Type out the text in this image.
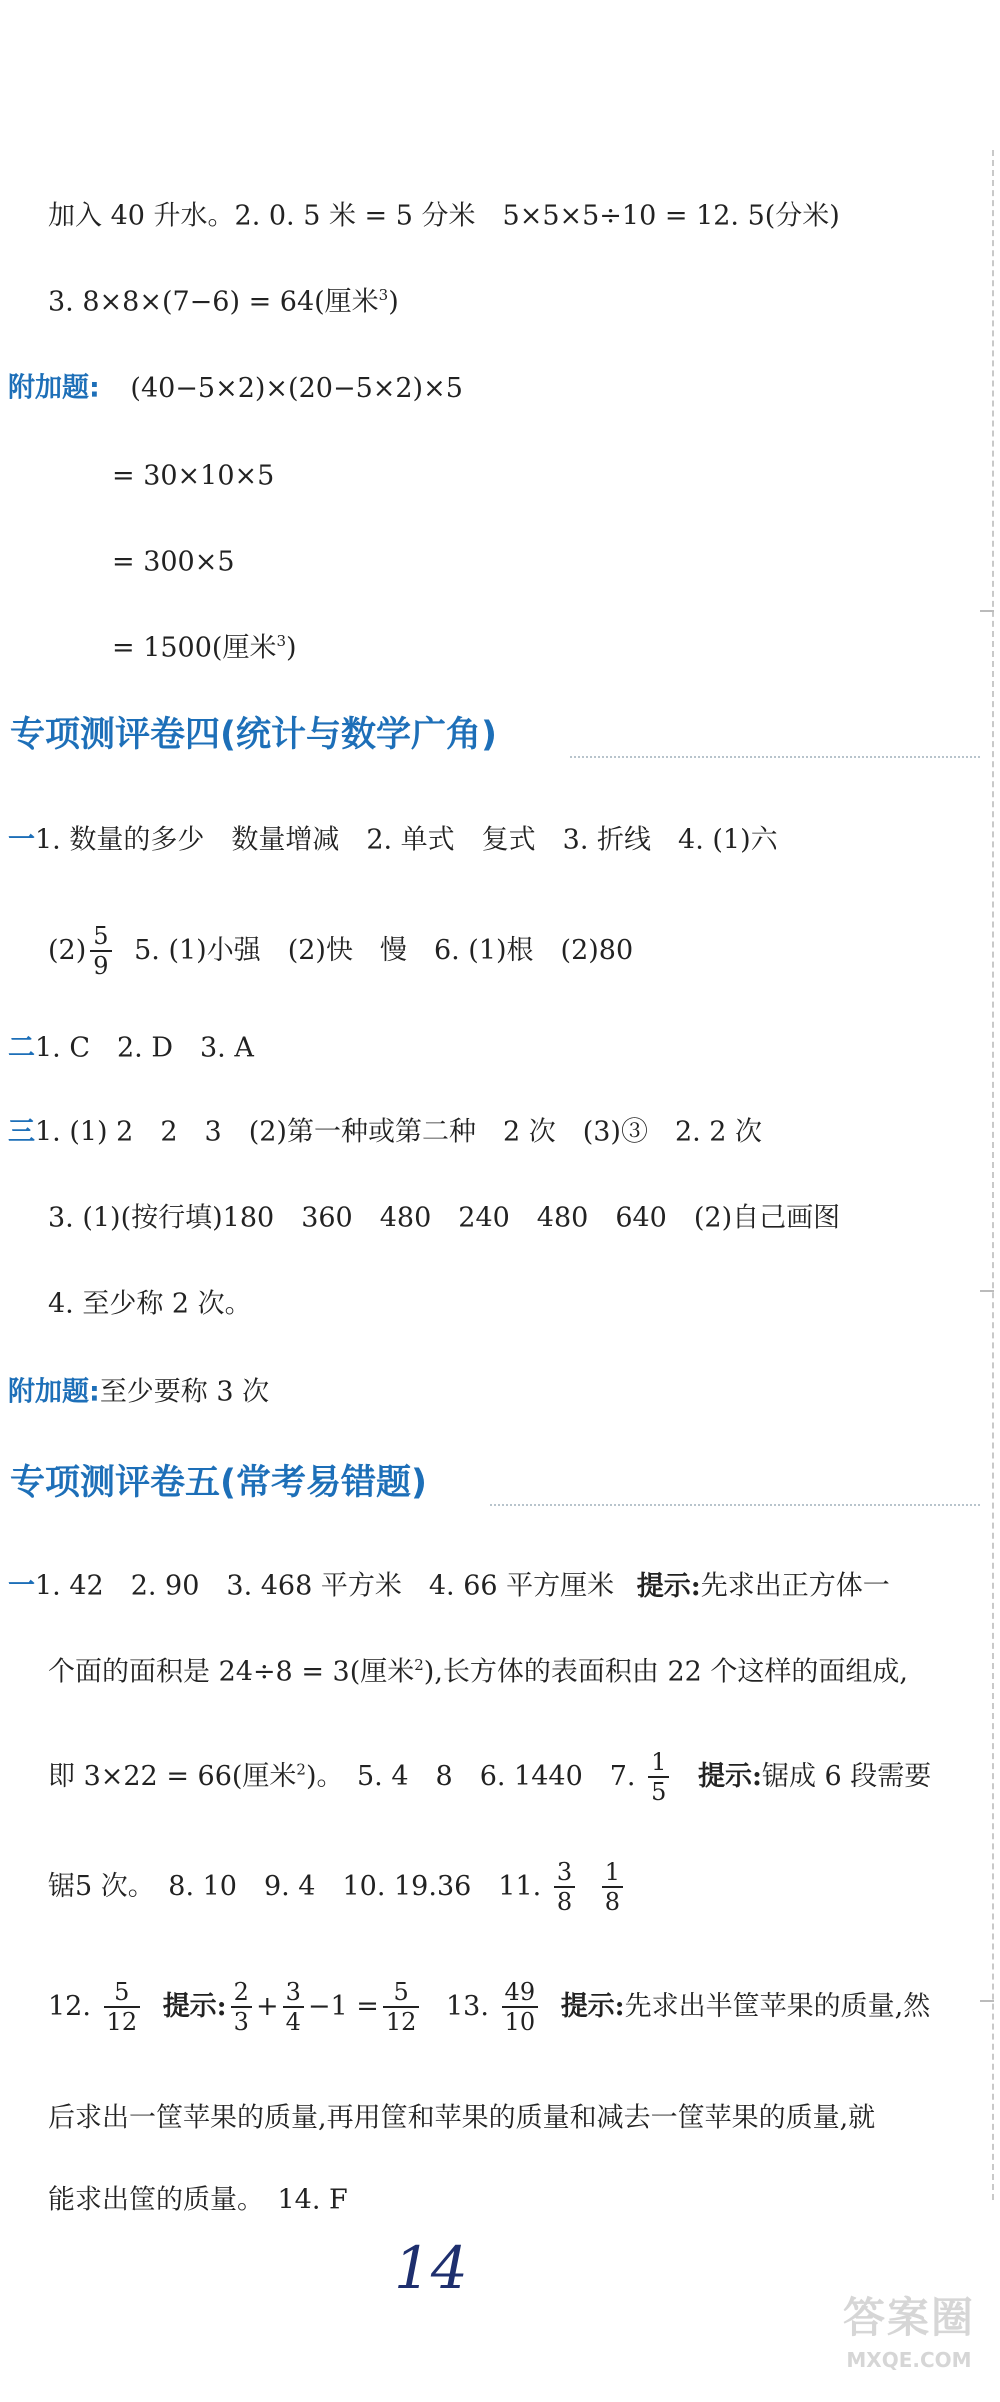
加入 40 升水。2. 0. 5 米 = 5 分米　5×5×5÷10 = 12. 5(分米)
3. 8×8×(7−6) = 64(厘米$^3$)
附加题: (40−5×2)×(20−5×2)×5
= 30×10×5
= 300×5
= 1500(厘米$^3$)
专项测评卷四(统计与数学广角)
一1. 数量的多少　数量增减　2. 单式　复式　3. 折线　4. (1)六
$(2) \frac{5}{9} 5$. (1)小强　(2)快　慢　6. (1)根　(2)80
二1. C　2. D　3. A
三1. (1) 2　2　3　(2)第一种或第二种　2 次　(3)③　2. 2 次
3. (1)(按行填)180　360　480　240　480　640　(2)自己画图
4. 至少称 2 次。
附加题:至少要称 3 次
专项测评卷五(常考易错题)
一1. 42　2. 90　3. 468 平方米　4. 66 平方厘米 提示:先求出正方体一
个面的面积是 24÷8 = 3(厘米$^2$),长方体的表面积由 22 个这样的面组成,
即 3×22 = 66(厘米$^2$)。　5. 4　8　6. 1440　7. $\frac{1}{5}$ 提示:锯成 6 段需要
锯5 次。　8. 10　9. 4　10. 19.36　11. $\frac{3}{8}$
$\frac{1}{8}$
12. $\frac{5}{12}$ 提示: $\frac{2}{3} + \frac{3}{4} -1 = \frac{5}{12} 13$. $\frac{49}{10}$ 提示:先求出半筐苹果的质量,然
后求出一筐苹果的质量,再用筐和苹果的质量和减去一筐苹果的质量,就
能求出筐的质量。　14. F
14
答案圈
MXQE.COM
